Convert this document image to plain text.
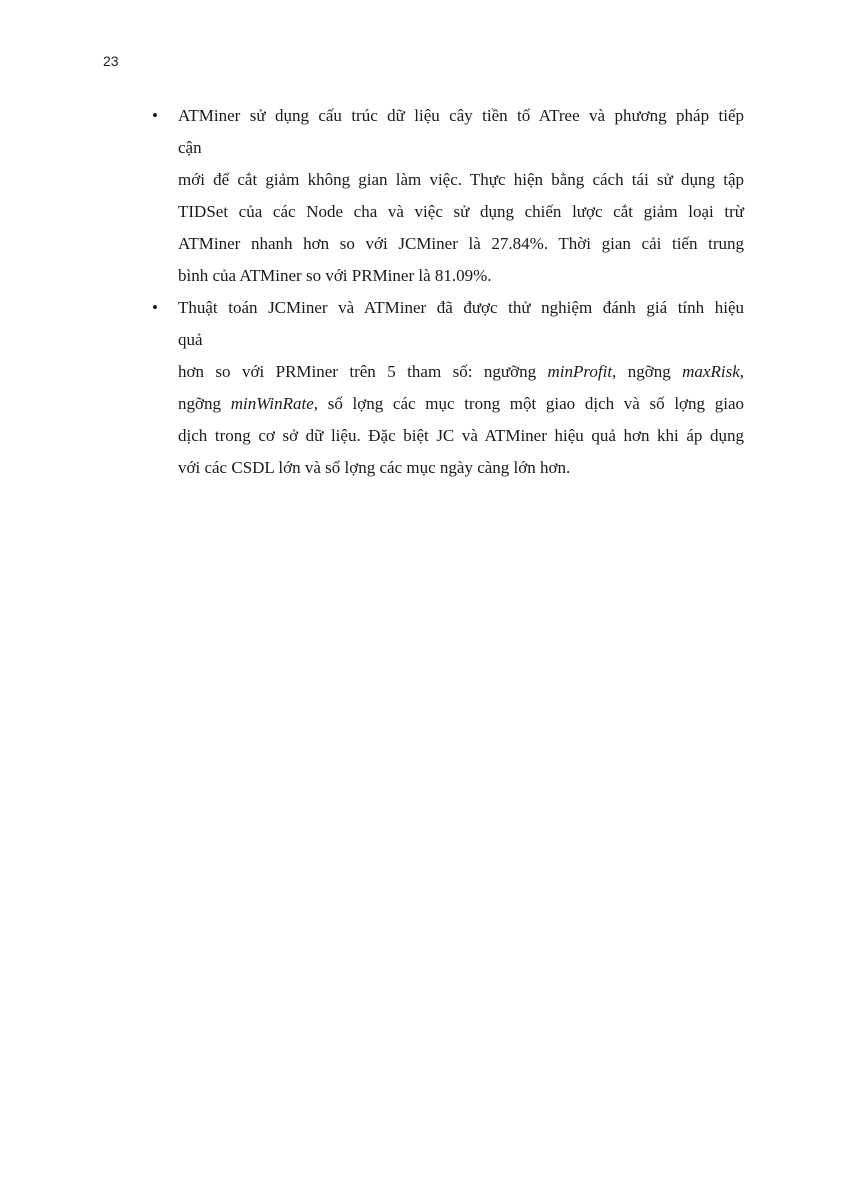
23
• ATMiner sử dụng cấu trúc dữ liệu cây tiền tố ATree và phương pháp tiếp
cận
mới để cắt giảm không gian làm việc. Thực hiện bằng cách tái sử dụng tập
TIDSet của các Node cha và việc sử dụng chiến lược cắt giảm loại trừ
ATMiner nhanh hơn so với JCMiner là 27.84%. Thời gian cải tiến trung
bình của ATMiner so với PRMiner là 81.09%.
• Thuật toán JCMiner và ATMiner đã được thử nghiệm đánh giá tính hiệu
quả
hơn so với PRMiner trên 5 tham số: ngưỡng minProfit, ngỡng maxRisk,
ngỡng minWinRate, số lợng các mục trong một giao dịch và số lợng giao
dịch trong cơ sở dữ liệu. Đặc biệt JC và ATMiner hiệu quả hơn khi áp dụng
với các CSDL lớn và số lợng các mục ngày càng lớn hơn.
